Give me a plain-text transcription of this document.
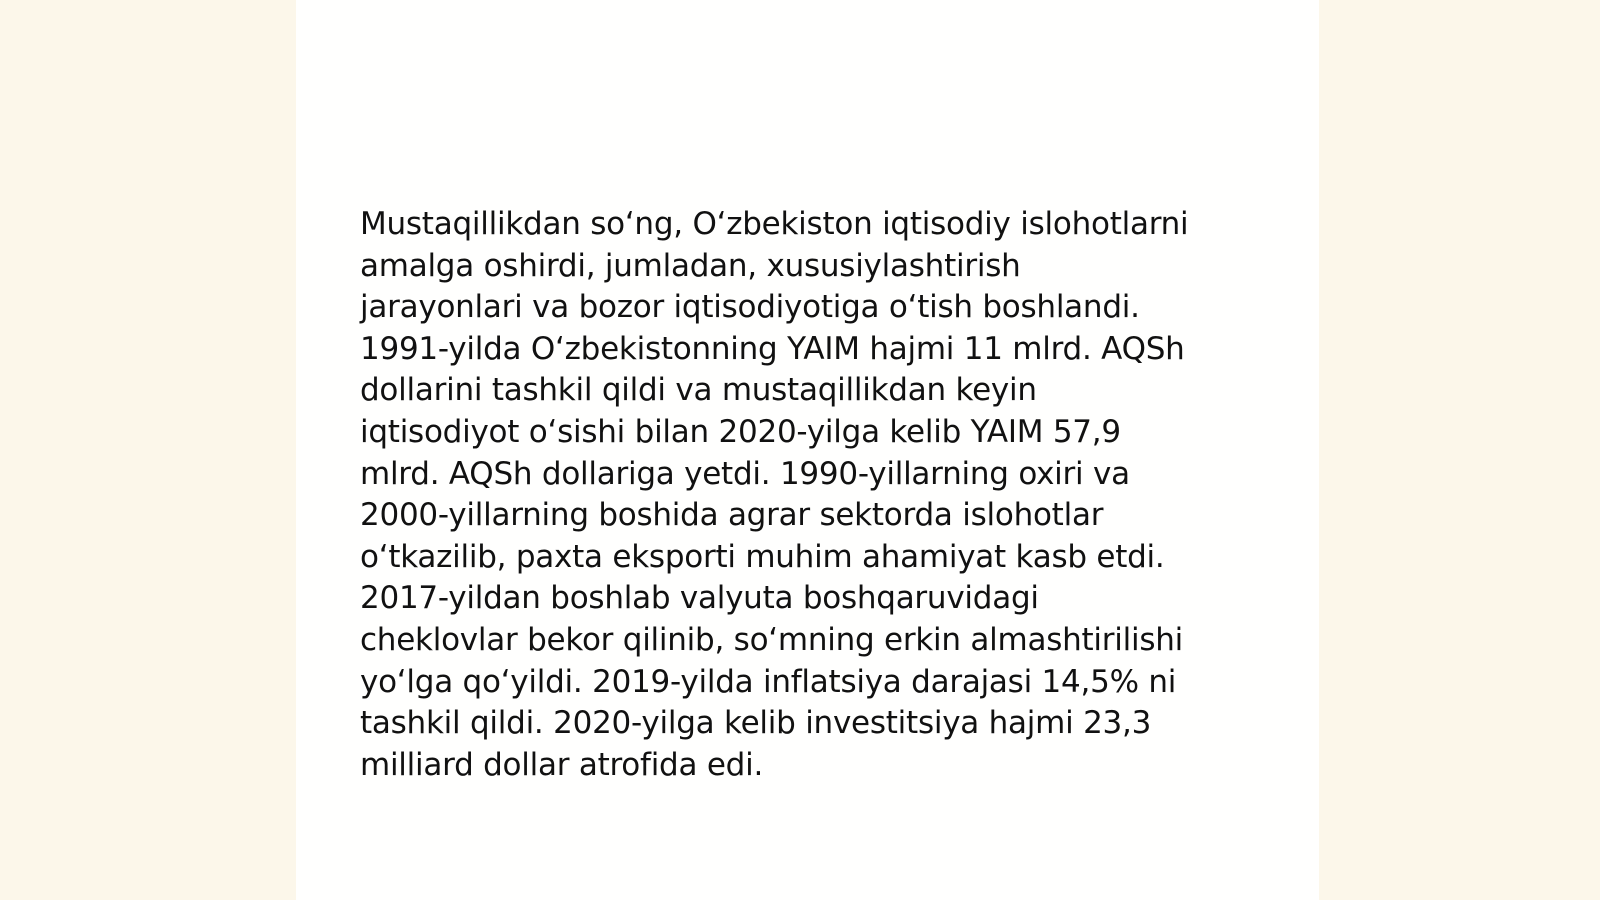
Mustaqillikdan so‘ng, O‘zbekiston iqtisodiy islohotlarni
amalga oshirdi, jumladan, xususiylashtirish
jarayonlari va bozor iqtisodiyotiga o‘tish boshlandi.
1991-yilda O‘zbekistonning YAIM hajmi 11 mlrd. AQSh
dollarini tashkil qildi va mustaqillikdan keyin
iqtisodiyot o‘sishi bilan 2020-yilga kelib YAIM 57,9
mlrd. AQSh dollariga yetdi. 1990-yillarning oxiri va
2000-yillarning boshida agrar sektorda islohotlar
o‘tkazilib, paxta eksporti muhim ahamiyat kasb etdi.
2017-yildan boshlab valyuta boshqaruvidagi
cheklovlar bekor qilinib, so‘mning erkin almashtirilishi
yo‘lga qo‘yildi. 2019-yilda inflatsiya darajasi 14,5% ni
tashkil qildi. 2020-yilga kelib investitsiya hajmi 23,3
milliard dollar atrofida edi.
